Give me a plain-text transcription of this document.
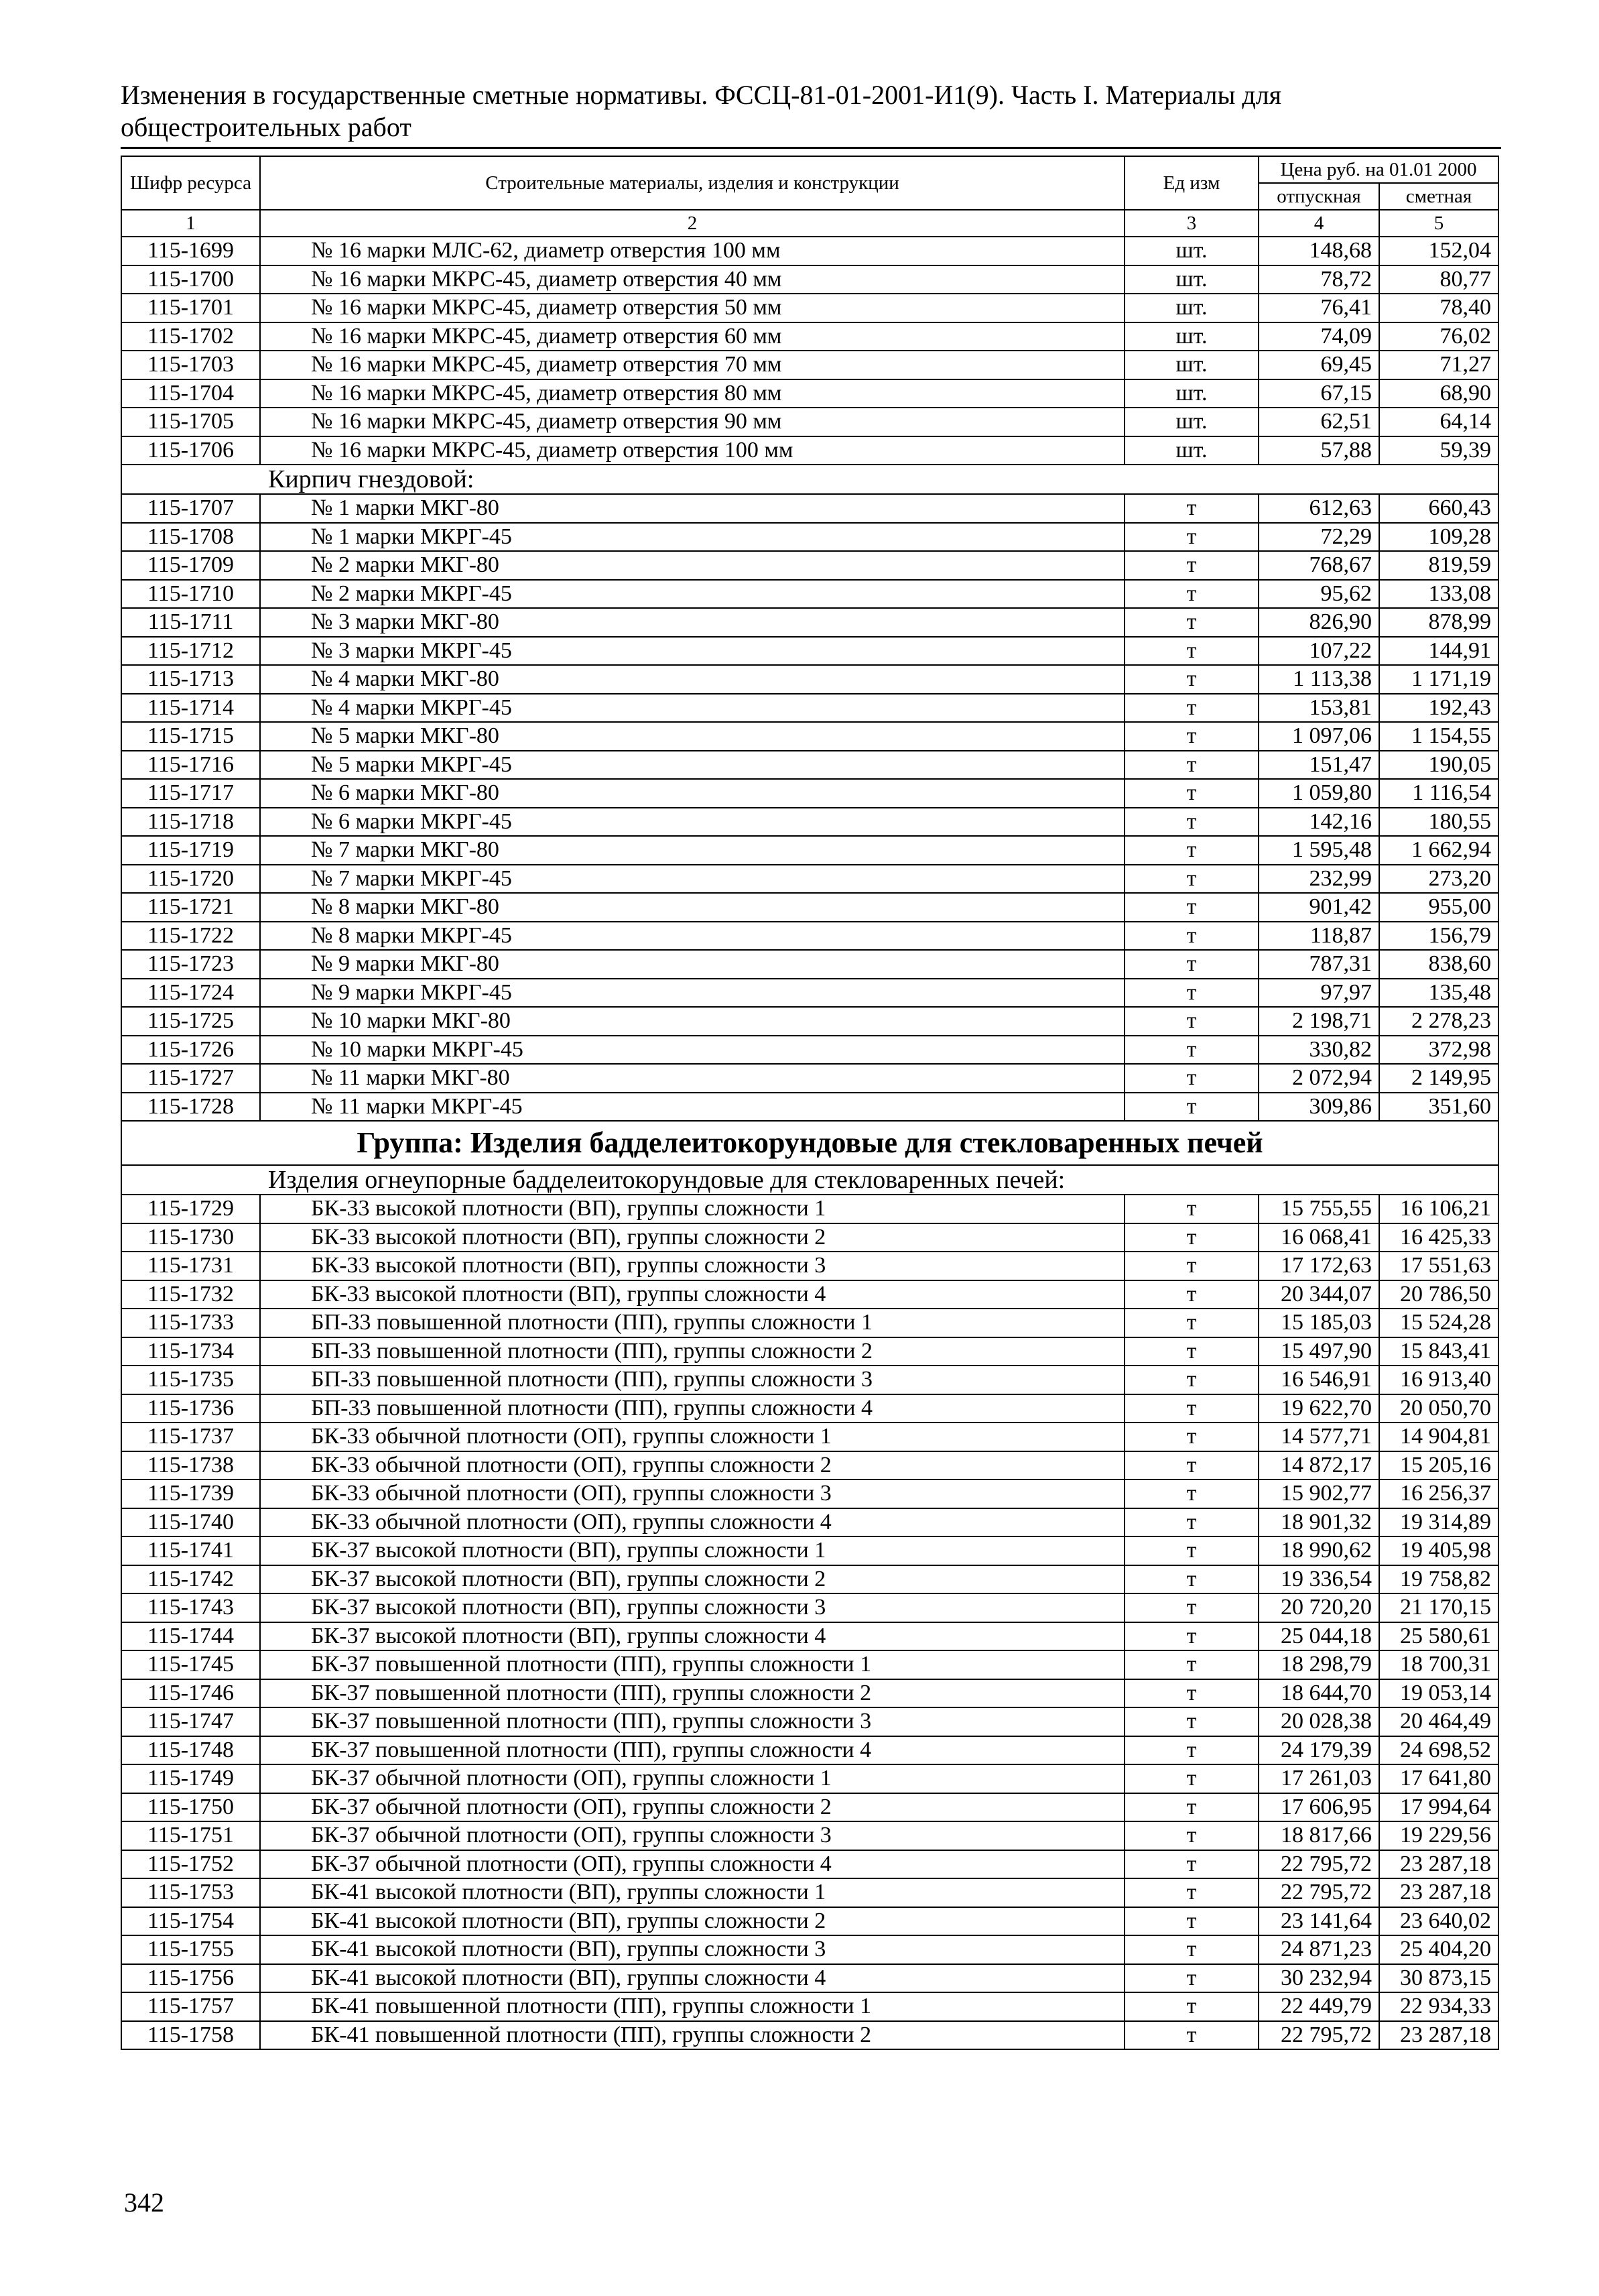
Изменения в государственные сметные нормативы. ФССЦ-81-01-2001-И1(9). Часть I. Материалы для общестроительных работ
Шифр ресурса	Строительные материалы, изделия и конструкции	Ед изм	Цена руб. на 01.01 2000	
			отпускная	сметная
1	2	3	4	5
115-1699	№ 16 марки МЛС-62, диаметр отверстия 100 мм	шт.	148,68	152,04
115-1700	№ 16 марки МКРС-45, диаметр отверстия 40 мм	шт.	78,72	80,77
115-1701	№ 16 марки МКРС-45, диаметр отверстия 50 мм	шт.	76,41	78,40
115-1702	№ 16 марки МКРС-45, диаметр отверстия 60 мм	шт.	74,09	76,02
115-1703	№ 16 марки МКРС-45, диаметр отверстия 70 мм	шт.	69,45	71,27
115-1704	№ 16 марки МКРС-45, диаметр отверстия 80 мм	шт.	67,15	68,90
115-1705	№ 16 марки МКРС-45, диаметр отверстия 90 мм	шт.	62,51	64,14
115-1706	№ 16 марки МКРС-45, диаметр отверстия 100 мм	шт.	57,88	59,39
Кирпич гнездовой:				
115-1707	№ 1 марки МКГ-80	т	612,63	660,43
115-1708	№ 1 марки МКРГ-45	т	72,29	109,28
115-1709	№ 2 марки МКГ-80	т	768,67	819,59
115-1710	№ 2 марки МКРГ-45	т	95,62	133,08
115-1711	№ 3 марки МКГ-80	т	826,90	878,99
115-1712	№ 3 марки МКРГ-45	т	107,22	144,91
115-1713	№ 4 марки МКГ-80	т	1 113,38	1 171,19
115-1714	№ 4 марки МКРГ-45	т	153,81	192,43
115-1715	№ 5 марки МКГ-80	т	1 097,06	1 154,55
115-1716	№ 5 марки МКРГ-45	т	151,47	190,05
115-1717	№ 6 марки МКГ-80	т	1 059,80	1 116,54
115-1718	№ 6 марки МКРГ-45	т	142,16	180,55
115-1719	№ 7 марки МКГ-80	т	1 595,48	1 662,94
115-1720	№ 7 марки МКРГ-45	т	232,99	273,20
115-1721	№ 8 марки МКГ-80	т	901,42	955,00
115-1722	№ 8 марки МКРГ-45	т	118,87	156,79
115-1723	№ 9 марки МКГ-80	т	787,31	838,60
115-1724	№ 9 марки МКРГ-45	т	97,97	135,48
115-1725	№ 10 марки МКГ-80	т	2 198,71	2 278,23
115-1726	№ 10 марки МКРГ-45	т	330,82	372,98
115-1727	№ 11 марки МКГ-80	т	2 072,94	2 149,95
115-1728	№ 11 марки МКРГ-45	т	309,86	351,60
Группа: Изделия бадделеитокорундовые для стекловаренных печей				
Изделия огнеупорные бадделеитокорундовые для стекловаренных печей:				
115-1729	БК-33 высокой плотности (ВП), группы сложности 1	т	15 755,55	16 106,21
115-1730	БК-33 высокой плотности (ВП), группы сложности 2	т	16 068,41	16 425,33
115-1731	БК-33 высокой плотности (ВП), группы сложности 3	т	17 172,63	17 551,63
115-1732	БК-33 высокой плотности (ВП), группы сложности 4	т	20 344,07	20 786,50
115-1733	БП-33 повышенной плотности (ПП), группы сложности 1	т	15 185,03	15 524,28
115-1734	БП-33 повышенной плотности (ПП), группы сложности 2	т	15 497,90	15 843,41
115-1735	БП-33 повышенной плотности (ПП), группы сложности 3	т	16 546,91	16 913,40
115-1736	БП-33 повышенной плотности (ПП), группы сложности 4	т	19 622,70	20 050,70
115-1737	БК-33 обычной плотности (ОП), группы сложности 1	т	14 577,71	14 904,81
115-1738	БК-33 обычной плотности (ОП), группы сложности 2	т	14 872,17	15 205,16
115-1739	БК-33 обычной плотности (ОП), группы сложности 3	т	15 902,77	16 256,37
115-1740	БК-33 обычной плотности (ОП), группы сложности 4	т	18 901,32	19 314,89
115-1741	БК-37 высокой плотности (ВП), группы сложности 1	т	18 990,62	19 405,98
115-1742	БК-37 высокой плотности (ВП), группы сложности 2	т	19 336,54	19 758,82
115-1743	БК-37 высокой плотности (ВП), группы сложности 3	т	20 720,20	21 170,15
115-1744	БК-37 высокой плотности (ВП), группы сложности 4	т	25 044,18	25 580,61
115-1745	БК-37 повышенной плотности (ПП), группы сложности 1	т	18 298,79	18 700,31
115-1746	БК-37 повышенной плотности (ПП), группы сложности 2	т	18 644,70	19 053,14
115-1747	БК-37 повышенной плотности (ПП), группы сложности 3	т	20 028,38	20 464,49
115-1748	БК-37 повышенной плотности (ПП), группы сложности 4	т	24 179,39	24 698,52
115-1749	БК-37 обычной плотности (ОП), группы сложности 1	т	17 261,03	17 641,80
115-1750	БК-37 обычной плотности (ОП), группы сложности 2	т	17 606,95	17 994,64
115-1751	БК-37 обычной плотности (ОП), группы сложности 3	т	18 817,66	19 229,56
115-1752	БК-37 обычной плотности (ОП), группы сложности 4	т	22 795,72	23 287,18
115-1753	БК-41 высокой плотности (ВП), группы сложности 1	т	22 795,72	23 287,18
115-1754	БК-41 высокой плотности (ВП), группы сложности 2	т	23 141,64	23 640,02
115-1755	БК-41 высокой плотности (ВП), группы сложности 3	т	24 871,23	25 404,20
115-1756	БК-41 высокой плотности (ВП), группы сложности 4	т	30 232,94	30 873,15
115-1757	БК-41 повышенной плотности (ПП), группы сложности 1	т	22 449,79	22 934,33
115-1758	БК-41 повышенной плотности (ПП), группы сложности 2	т	22 795,72	23 287,18
342
